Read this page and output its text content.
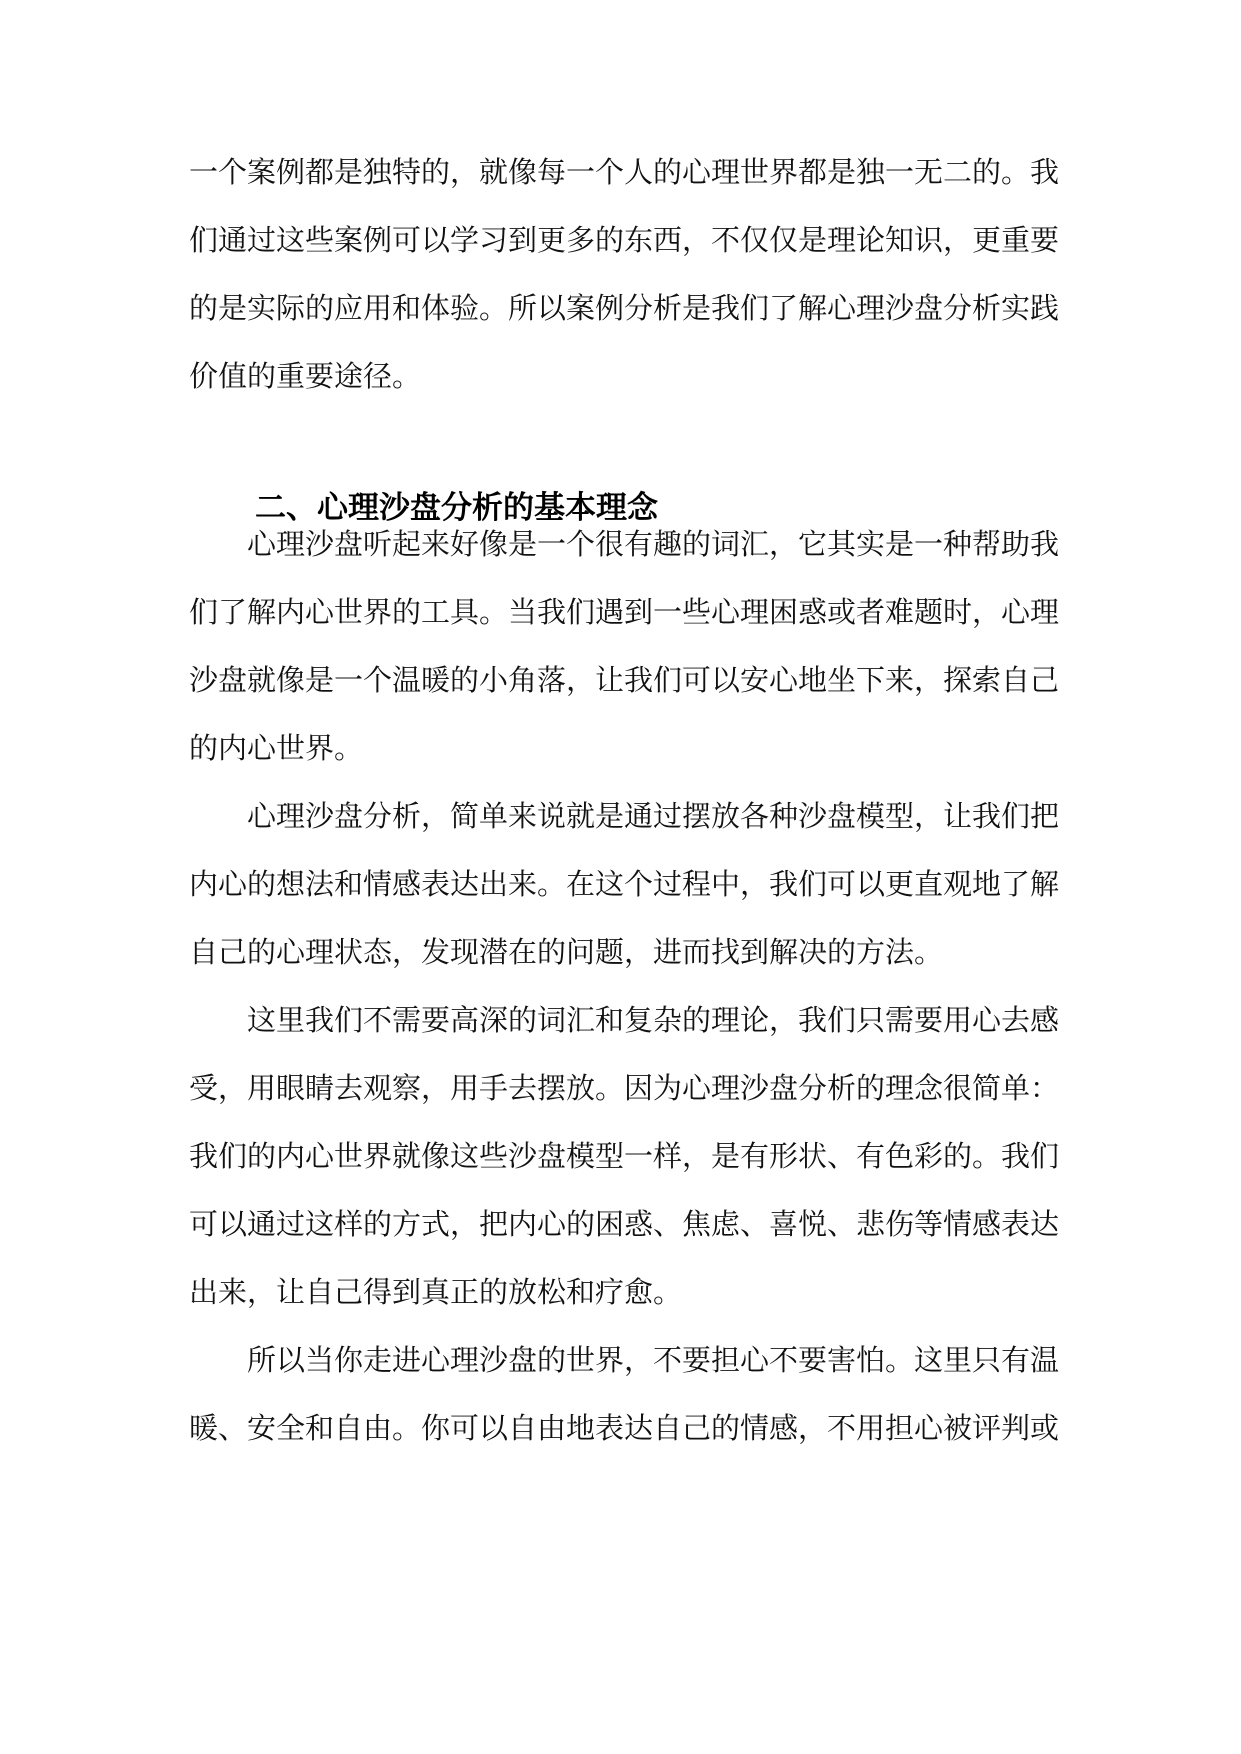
一个案例都是独特的，就像每一个人的心理世界都是独一无二的。我们通过这些案例可以学习到更多的东西，不仅仅是理论知识，更重要的是实际的应用和体验。所以案例分析是我们了解心理沙盘分析实践价值的重要途径。

二、心理沙盘分析的基本理念

心理沙盘听起来好像是一个很有趣的词汇，它其实是一种帮助我们了解内心世界的工具。当我们遇到一些心理困惑或者难题时，心理沙盘就像是一个温暖的小角落，让我们可以安心地坐下来，探索自己的内心世界。

心理沙盘分析，简单来说就是通过摆放各种沙盘模型，让我们把内心的想法和情感表达出来。在这个过程中，我们可以更直观地了解自己的心理状态，发现潜在的问题，进而找到解决的方法。

这里我们不需要高深的词汇和复杂的理论，我们只需要用心去感受，用眼睛去观察，用手去摆放。因为心理沙盘分析的理念很简单：我们的内心世界就像这些沙盘模型一样，是有形状、有色彩的。我们可以通过这样的方式，把内心的困惑、焦虑、喜悦、悲伤等情感表达出来，让自己得到真正的放松和疗愈。

所以当你走进心理沙盘的世界，不要担心不要害怕。这里只有温暖、安全和自由。你可以自由地表达自己的情感，不用担心被评判或
